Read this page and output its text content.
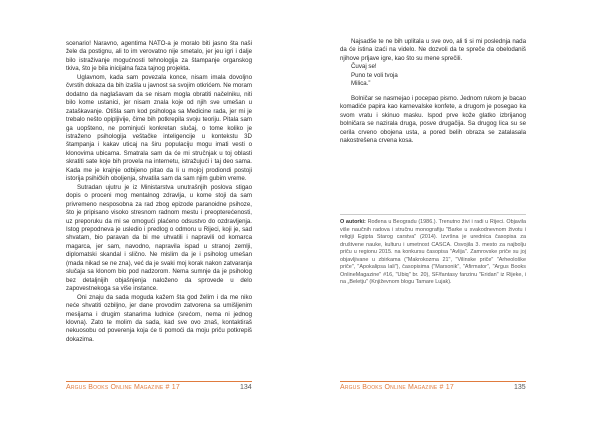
scenario! Naravno, agentima NATO-a je moralo biti jasno šta naši žele da postignu, ali to im verovatno nije smetalo, jer jeu igri i dalje bilo istraživanje mogućnosti tehnologija za štampanje organskog tkiva, što je bila inicijalna faza tajnog projekta.

Uglavnom, kada sam povezala konce, nisam imala dovoljno čvrstih dokaza da bih izašla u javnost sa svojim otkrićem. Ne moram dodatno da naglašavam da se nisam mogla obratiti načelniku, niti bilo kome ustanici, jer nisam znala koje od njih sve umešan u zataškavanje. Otišla sam kod psihologa sa Medicine rada, jer mi je trebalo nešto opipljivije, čime bih potkrepila svoju teoriju. Pitala sam ga uopšteno, ne pominjući konkretan slučaj, o tome koliko je istraženo psihologija veštačke inteligencije u kontekstu 3D štampanja i kakav uticaj na širu populaciju mogu imati vesti o klonovima ubicama. Smatrala sam da će mi stručnjak u toj oblasti skratiti sate koje bih provela na internetu, istražujući i taj deo sama. Kada me je krajnje odbijeno pitao da li u mojoj prodiondi postoji istorija psihičkih oboljenja, shvatila sam da sam njim gubim vreme.

Sutradan ujutru je iz Ministarstva unutrašnjih poslova stigao dopis o proceni mog mentalnog zdravlja, u kome stoji da sam privremeno nesposobna za rad zbog epizode paranoidne psihoze, što je pripisano visoko stresnom radnom mestu i preopterećenosti, uz preporuku da mi se omogući plaćeno odsustvo do ozdravljenja. Istog prepodneva je usledio i predlog o odmoru u Rijeci, koji je, sad shvatam, bio paravan da bi me uhvatili i napravili od komarca magarca, jer sam, navodno, napravila ispad u stranoj zemlji, diplomatski skandal i slično. Ne mislim da je i psiholog umešan (mada nikad se ne zna), već da je svaki moj korak nakon zatvaranja slučaja sa klonom bio pod nadzorom. Nema sumnje da je psiholog bez detaljnijih objašnjenja naloženo da sprovede u delo zapovestnekoga sa više instance.

Oni znaju da sada moguda kažem šta god želim i da me niko neće shvatiti ozbiljno, jer dane provodim zatvorena sa umišljenim mesijama i drugim stanarima ludnice (srećom, nema ni jednog klovna). Zato te molim da sada, kad sve ovo znaš, kontaktiraš nekuosobu od poverenja koja će ti pomoći da moju priču potkrepiš dokazima.

Najsadše te ne bih uplitala u sve ovo, ali ti si mi poslednja nada da će istina izaći na videlo. Ne dozvoli da te spreče da obelodaniš njihove prljave igre, kao što su mene sprečili.

Čuvaj se!
Puno te voli tvoja
Milica.”

Bolničar se nasmejao i pocepao pismo. Jednom rukom je bacao komadiće papira kao karnevalske konfete, a drugom je posegao ka svom vratu i skinuo masku. Ispod prve kože glatko izbrijanog bolničara se nazirala druga, posve drugačija. Sa drugog lica su se cerila crveno obojena usta, a pored belih obraza se zatalasala nakostrešena crvena kosa.

O autorki: Rođena u Beogradu (1986.). Trenutno živi i radi u Rijeci. Objavila više naučnih radova i stručnu monografiju "Barke u svakodnevnom životu i religiji Egipta Starog carstva" (2014). Izvršna je urednica časopisa za društvene nauke, kulturu i umetnost CASCA. Osvojila 3. mesto za najbolju priču u regionu 2015. na konkursu časopisa "Avlija". Zamrovske priče su joj objavljivane u zbirkama ("Makrokozma 21", "Vilinske priče" "Arheološke priče", "Apokalipsa lali"), časopisima ("Marsonik", "Afirmator", "Argus Books OnlineMagazine" #16, "Ubiq" br. 20), SF/fantasy fanzinu "Eridan" iz Rijeke, i na „Beletju" (Književnom blogu Tamare Lujak).
Argus Books Online Magazine # 17	134	Argus Books Online Magazine # 17	135
